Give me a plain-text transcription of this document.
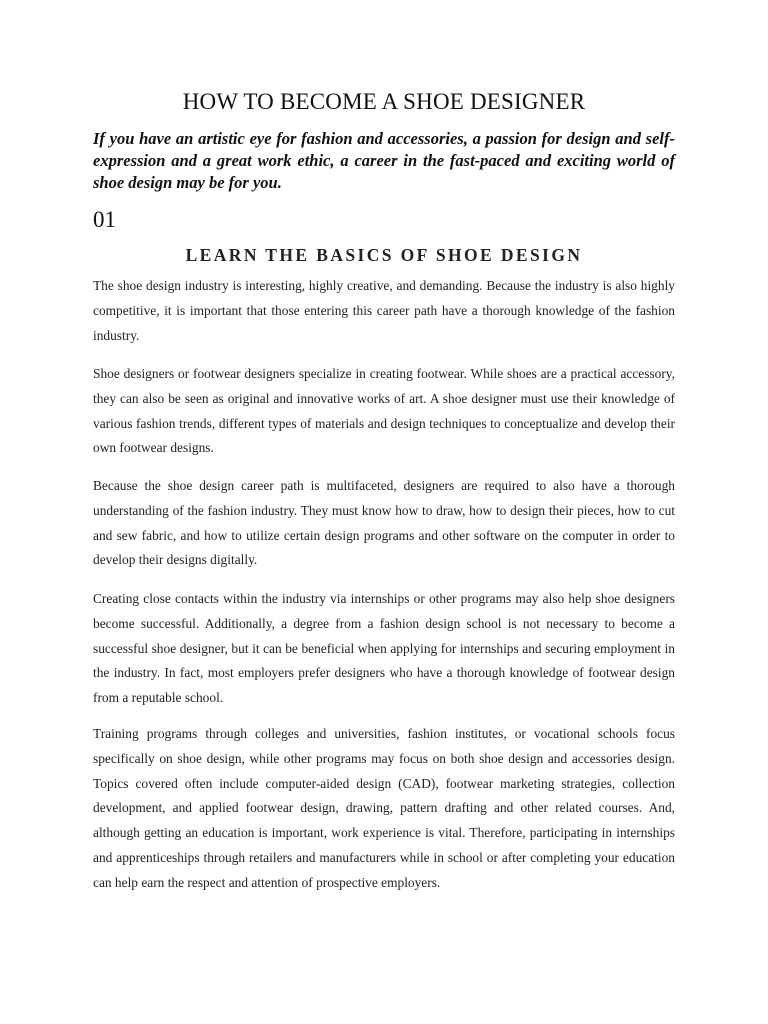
HOW TO BECOME A SHOE DESIGNER

If you have an artistic eye for fashion and accessories, a passion for design and self-expression and a great work ethic, a career in the fast-paced and exciting world of shoe design may be for you.

01
LEARN THE BASICS OF SHOE DESIGN

The shoe design industry is interesting, highly creative, and demanding. Because the industry is also highly competitive, it is important that those entering this career path have a thorough knowledge of the fashion industry.

Shoe designers or footwear designers specialize in creating footwear. While shoes are a practical accessory, they can also be seen as original and innovative works of art. A shoe designer must use their knowledge of various fashion trends, different types of materials and design techniques to conceptualize and develop their own footwear designs.

Because the shoe design career path is multifaceted, designers are required to also have a thorough understanding of the fashion industry. They must know how to draw, how to design their pieces, how to cut and sew fabric, and how to utilize certain design programs and other software on the computer in order to develop their designs digitally.

Creating close contacts within the industry via internships or other programs may also help shoe designers become successful. Additionally, a degree from a fashion design school is not necessary to become a successful shoe designer, but it can be beneficial when applying for internships and securing employment in the industry. In fact, most employers prefer designers who have a thorough knowledge of footwear design from a reputable school.

Training programs through colleges and universities, fashion institutes, or vocational schools focus specifically on shoe design, while other programs may focus on both shoe design and accessories design. Topics covered often include computer-aided design (CAD), footwear marketing strategies, collection development, and applied footwear design, drawing, pattern drafting and other related courses. And, although getting an education is important, work experience is vital. Therefore, participating in internships and apprenticeships through retailers and manufacturers while in school or after completing your education can help earn the respect and attention of prospective employers.
